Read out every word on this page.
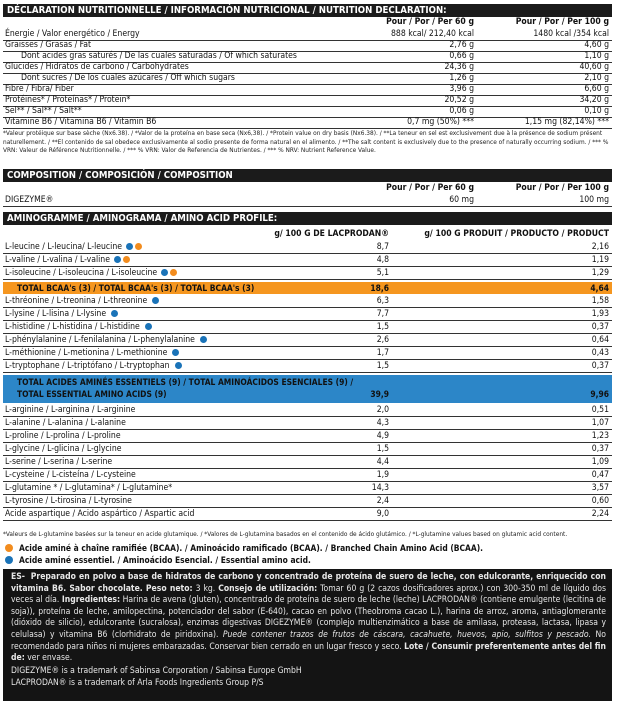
DÉCLARATION NUTRITIONNELLE / INFORMACIÓN NUTRICIONAL / NUTRITION DECLARATION:
Pour / Por / Per 60 g	Pour / Por / Per 100 g
Énergie / Valor energético / Energy	888 kcal/ 212,40 kcal	1480 kcal /354 kcal
Graisses / Grasas / Fat	2,76 g	4,60 g
Dont acides gras saturés / De las cuales saturadas / Of which saturates	0,66 g	1,10 g
Glucides / Hidratos de carbono / Carbohydrates	24,36 g	40,60 g
Dont sucres / De los cuales azúcares / Off which sugars	1,26 g	2,10 g
Fibre / Fibra/ Fiber	3,96 g	6,60 g
Protéines* / Proteínas* / Protein*	20,52 g	34,20 g
Sel** / Sal** / Salt**	0,06 g	0,10 g
Vitamine B6 / Vitamina B6 / Vitamin B6	0,7 mg (50%) ***	1,15 mg (82,14%) ***
*Valeur protéique sur base sèche (Nx6.38). / *Valor de la proteína en base seca (Nx6,38). / *Protein value on dry basis (Nx6.38). / **La teneur en sel est exclusivement due à la présence de sodium présent naturellement. / **El contenido de sal obedece exclusivamente al sodio presente de forma natural en el alimento. / **The salt content is exclusively due to the presence of naturally occurring sodium. / *** % VRN: Valeur de Référence Nutritionnelle. / *** % VRN: Valor de Referencia de Nutrientes. / *** % NRV: Nutrient Reference Value.
COMPOSITION / COMPOSICIÓN / COMPOSITION
Pour / Por / Per 60 g	Pour / Por / Per 100 g
DIGEZYME®	60 mg	100 mg
AMINOGRAMME / AMINOGRAMA / AMINO ACID PROFILE:
g/ 100 G DE LACPRODAN®	g/ 100 G PRODUIT / PRODUCTO / PRODUCT
L-leucine / L-leucina/ L-leucine	8,7	2,16
L-valine / L-valina / L-valine	4,8	1,19
L-isoleucine / L-isoleucina / L-isoleucine	5,1	1,29
TOTAL BCAA's (3) / TOTAL BCAA's (3) / TOTAL BCAA's (3)	18,6	4,64
L-thréonine / L-treonina / L-threonine	6,3	1,58
L-lysine / L-lisina / L-lysine	7,7	1,93
L-histidine / L-histidina / L-histidine	1,5	0,37
L-phénylalanine / L-fenilalanina / L-phenylalanine	2,6	0,64
L-méthionine / L-metionina / L-methionine	1,7	0,43
L-tryptophane / L-triptófano / L-tryptophan	1,5	0,37
TOTAL ACIDES AMINÉS ESSENTIELS (9) / TOTAL AMINOÁCIDOS ESENCIALES (9) /
TOTAL ESSENTIAL AMINO ACIDS (9)	39,9	9,96
L-arginine / L-arginina / L-arginine	2,0	0,51
L-alanine / L-alanina / L-alanine	4,3	1,07
L-proline / L-prolina / L-proline	4,9	1,23
L-glycine / L-glicina / L-glycine	1,5	0,37
L-serine / L-serina / L-serine	4,4	1,09
L-cysteine / L-cisteína / L-cysteine	1,9	0,47
L-glutamine * / L-glutamina* / L-glutamine*	14,3	3,57
L-tyrosine / L-tirosina / L-tyrosine	2,4	0,60
Acide aspartique / Acido aspártico / Aspartic acid	9,0	2,24
*Valeurs de L-glutamine basées sur la teneur en acide glutamique. / *Valores de L-glutamina basados en el contenido de ácido glutámico. / *L-glutamine values based on glutamic acid content.
Acide aminé à chaîne ramifiée (BCAA). / Aminoácido ramificado (BCAA). / Branched Chain Amino Acid (BCAA).
Acide aminé essentiel. / Aminoácido Esencial. / Essential amino acid.

ES- Preparado en polvo a base de hidratos de carbono y concentrado de proteína de suero de leche, con edulcorante, enriquecido con vitamina B6. Sabor chocolate. Peso neto: 3 kg. Consejo de utilización: Tomar 60 g (2 cazos dosificadores aprox.) con 300-350 ml de líquido dos veces al día. Ingredientes: Harina de avena (gluten), concentrado de proteína de suero de leche (leche) LACPRODAN® (contiene emulgente (lecitina de soja)), proteína de leche, amilopectina, potenciador del sabor (E-640), cacao en polvo (Theobroma cacao L.), harina de arroz, aroma, antiaglomerante (dióxido de silicio), edulcorante (sucralosa), enzimas digestivas DIGEZYME® (complejo multienzimático a base de amilasa, proteasa, lactasa, lipasa y celulasa) y vitamina B6 (clorhidrato de piridoxina). Puede contener trazos de frutos de cáscara, cacahuete, huevos, apio, sulfitos y pescado. No recomendado para niños ni mujeres embarazadas. Conservar bien cerrado en un lugar fresco y seco. Lote / Consumir preferentemente antes del fin de: ver envase.

DIGEZYME® is a trademark of Sabinsa Corporation / Sabinsa Europe GmbH
LACPRODAN® is a trademark of Arla Foods Ingredients Group P/S
